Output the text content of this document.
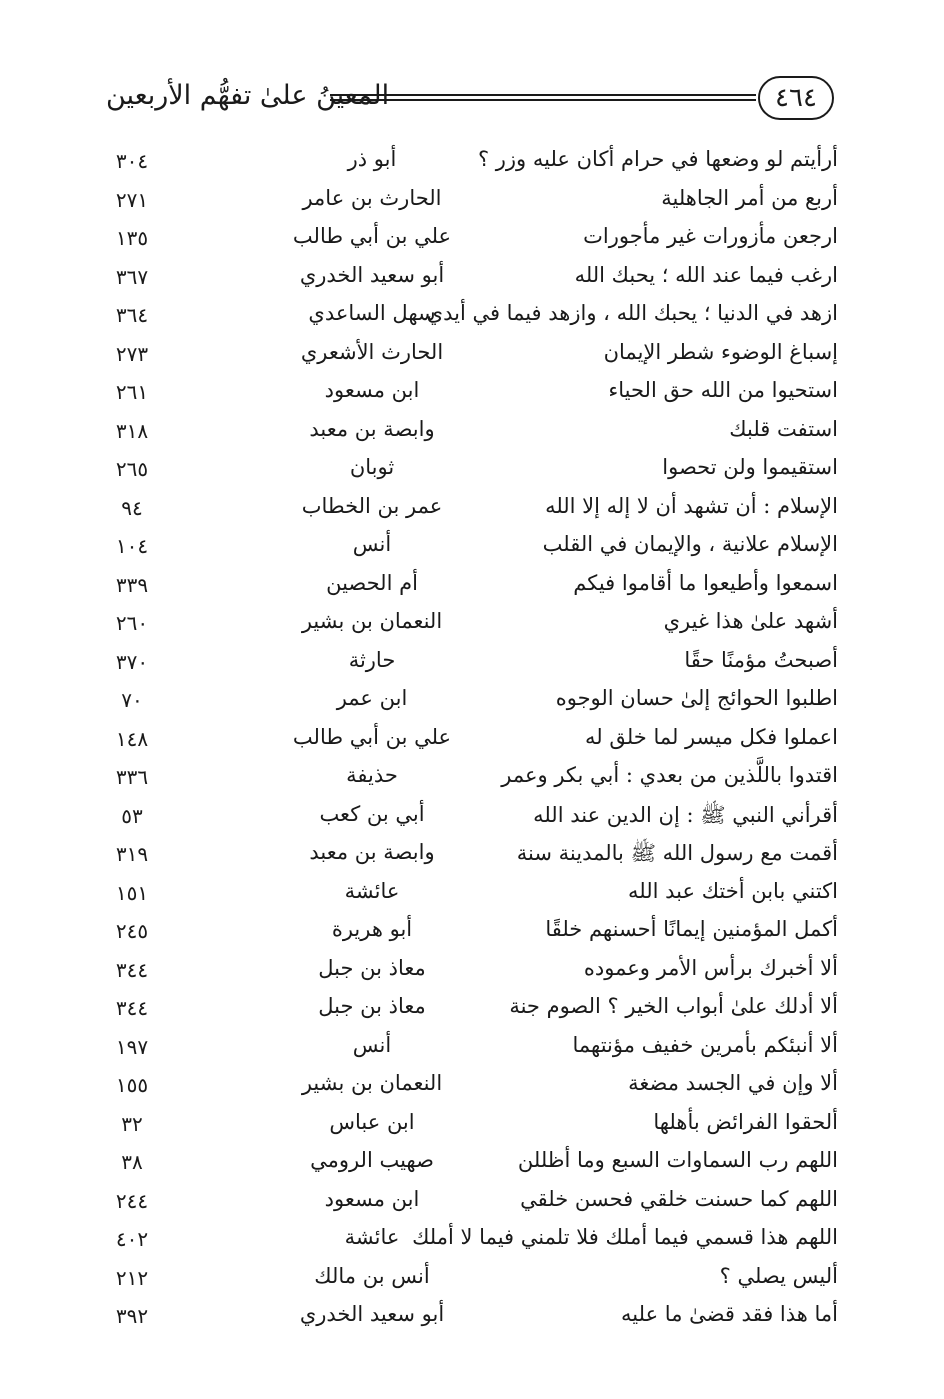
المعينُ علىٰ تفهُّم الأربعين	٤٦٤
أرأيتم لو وضعها في حرام أكان عليه وزر ؟
أبو ذر
٣٠٤
أربع من أمر الجاهلية
الحارث بن عامر
٢٧١
ارجعن مأزورات غير مأجورات
علي بن أبي طالب
١٣٥
ارغب فيما عند الله ؛ يحبك الله
أبو سعيد الخدري
٣٦٧
ازهد في الدنيا ؛ يحبك الله ، وازهد فيما في أيدي
سهل الساعدي
٣٦٤
إسباغ الوضوء شطر الإيمان
الحارث الأشعري
٢٧٣
استحيوا من الله حق الحياء
ابن مسعود
٢٦١
استفت قلبك
وابصة بن معبد
٣١٨
استقيموا ولن تحصوا
ثوبان
٢٦٥
الإسلام : أن تشهد أن لا إله إلا الله
عمر بن الخطاب
٩٤
الإسلام علانية ، والإيمان في القلب
أنس
١٠٤
اسمعوا وأطيعوا ما أقاموا فيكم
أم الحصين
٣٣٩
أشهد علىٰ هذا غيري
النعمان بن بشير
٢٦٠
أصبحتُ مؤمنًا حقًا
حارثة
٣٧٠
اطلبوا الحوائج إلىٰ حسان الوجوه
ابن عمر
٧٠
اعملوا فكل ميسر لما خلق له
علي بن أبي طالب
١٤٨
اقتدوا باللَّذين من بعدي : أبي بكر وعمر
حذيفة
٣٣٦
أقرأني النبي ﷺ : إن الدين عند الله
أبي بن كعب
٥٣
أقمت مع رسول الله ﷺ بالمدينة سنة
وابصة بن معبد
٣١٩
اكتني بابن أختك عبد الله
عائشة
١٥١
أكمل المؤمنين إيمانًا أحسنهم خلقًا
أبو هريرة
٢٤٥
ألا أخبرك برأس الأمر وعموده
معاذ بن جبل
٣٤٤
ألا أدلك علىٰ أبواب الخير ؟ الصوم جنة
معاذ بن جبل
٣٤٤
ألا أنبئكم بأمرين خفيف مؤنتهما
أنس
١٩٧
ألا وإن في الجسد مضغة
النعمان بن بشير
١٥٥
ألحقوا الفرائض بأهلها
ابن عباس
٣٢
اللهم رب السماوات السبع وما أظللن
صهيب الرومي
٣٨
اللهم كما حسنت خلقي فحسن خلقي
ابن مسعود
٢٤٤
اللهم هذا قسمي فيما أملك فلا تلمني فيما لا أملك
عائشة
٤٠٢
أليس يصلي ؟
أنس بن مالك
٢١٢
أما هذا فقد قضىٰ ما عليه
أبو سعيد الخدري
٣٩٢
